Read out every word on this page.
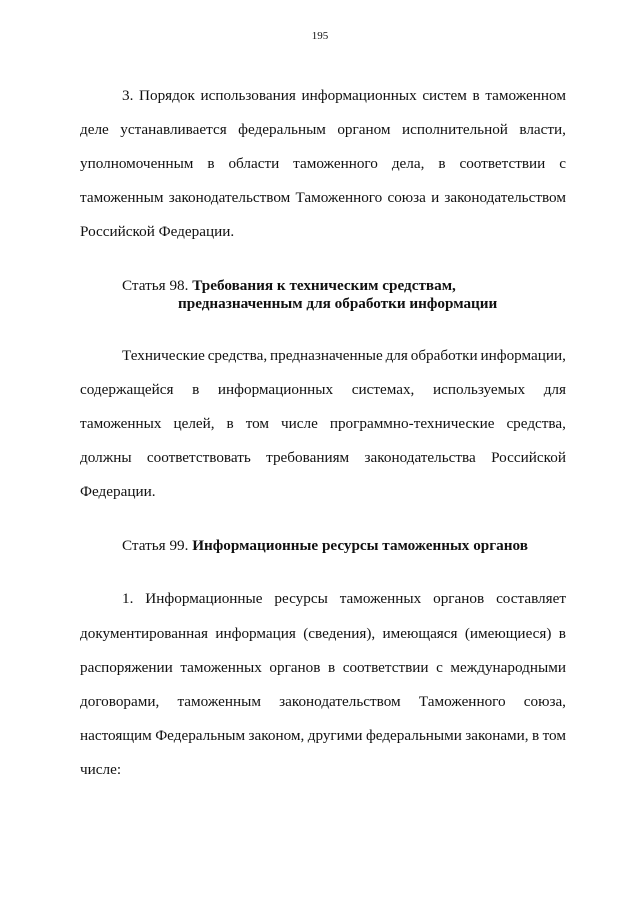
195
3. Порядок использования информационных систем в таможенном
деле устанавливается федеральным органом исполнительной власти,
уполномоченным в области таможенного дела, в соответствии с
таможенным законодательством Таможенного союза и законодательством
Российской Федерации.
Статья 98. Требования к техническим средствам,
предназначенным для обработки информации
Технические средства, предназначенные для обработки информации,
содержащейся в информационных системах, используемых для
таможенных целей, в том числе программно-технические средства,
должны соответствовать требованиям законодательства Российской
Федерации.
Статья 99. Информационные ресурсы таможенных органов
1. Информационные ресурсы таможенных органов составляет
документированная информация (сведения), имеющаяся (имеющиеся) в
распоряжении таможенных органов в соответствии с международными
договорами, таможенным законодательством Таможенного союза,
настоящим Федеральным законом, другими федеральными законами, в том
числе:
